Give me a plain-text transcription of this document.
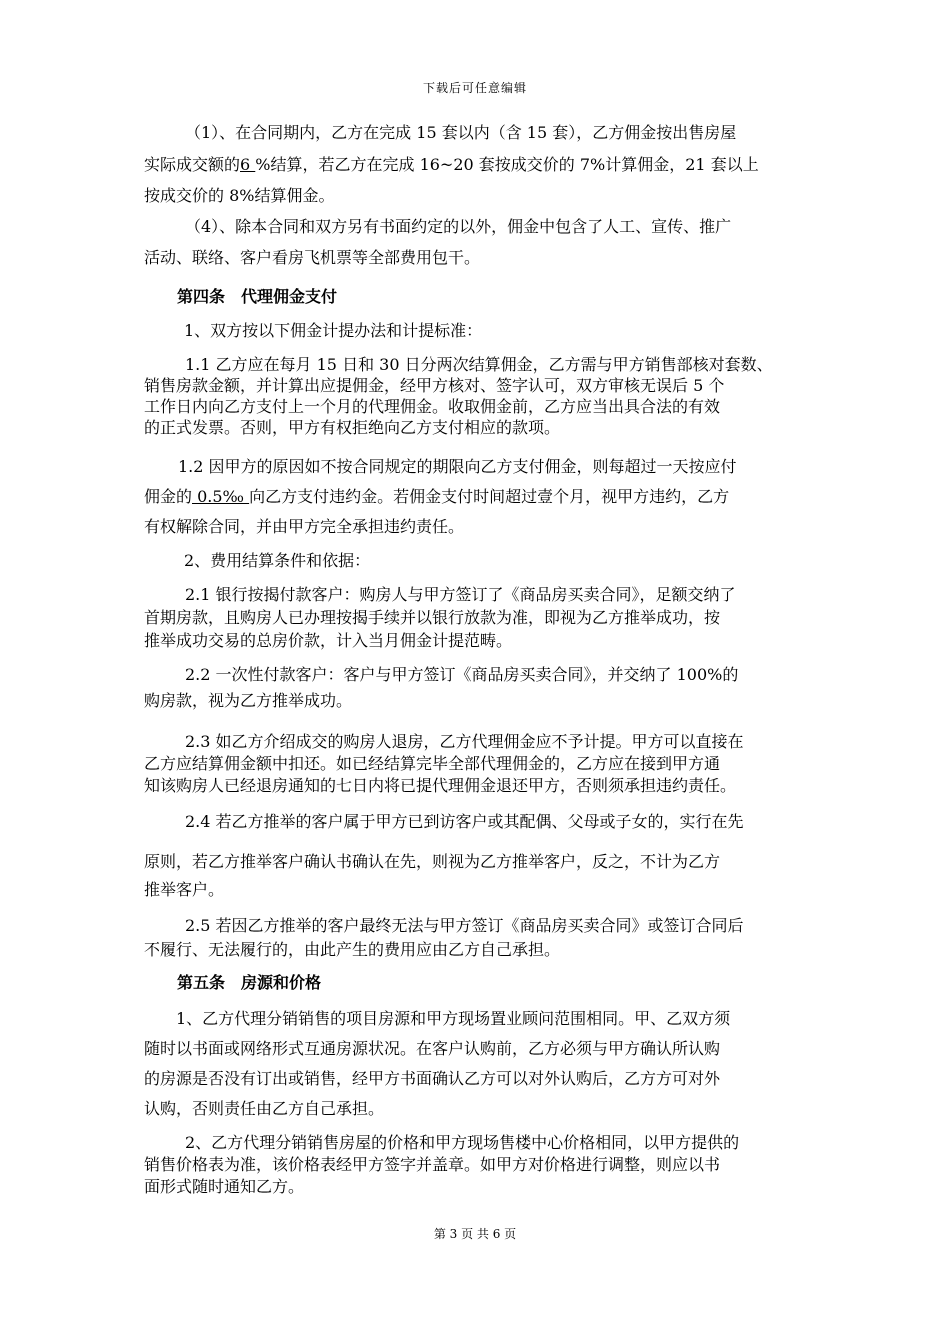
下载后可任意编辑
（1）、在合同期内，乙方在完成 15 套以内（含 15 套），乙方佣金按出售房屋
实际成交额的6 %结算，若乙方在完成 16~20 套按成交价的 7%计算佣金，21 套以上
按成交价的 8%结算佣金。
（4）、除本合同和双方另有书面约定的以外，佣金中包含了人工、宣传、推广
活动、联络、客户看房飞机票等全部费用包干。
第四条　代理佣金支付
1、双方按以下佣金计提办法和计提标准：
1.1 乙方应在每月 15 日和 30 日分两次结算佣金，乙方需与甲方销售部核对套数、
销售房款金额，并计算出应提佣金，经甲方核对、签字认可，双方审核无误后 5 个
工作日内向乙方支付上一个月的代理佣金。收取佣金前，乙方应当出具合法的有效
的正式发票。否则，甲方有权拒绝向乙方支付相应的款项。
1.2 因甲方的原因如不按合同规定的期限向乙方支付佣金，则每超过一天按应付
佣金的 0.5‰ 向乙方支付违约金。若佣金支付时间超过壹个月，视甲方违约，乙方
有权解除合同，并由甲方完全承担违约责任。
2、费用结算条件和依据：
2.1 银行按揭付款客户：购房人与甲方签订了《商品房买卖合同》，足额交纳了
首期房款，且购房人已办理按揭手续并以银行放款为准，即视为乙方推举成功，按
推举成功交易的总房价款，计入当月佣金计提范畴。
2.2 一次性付款客户：客户与甲方签订《商品房买卖合同》，并交纳了 100%的
购房款，视为乙方推举成功。
2.3 如乙方介绍成交的购房人退房，乙方代理佣金应不予计提。甲方可以直接在
乙方应结算佣金额中扣还。如已经结算完毕全部代理佣金的，乙方应在接到甲方通
知该购房人已经退房通知的七日内将已提代理佣金退还甲方，否则须承担违约责任。
2.4 若乙方推举的客户属于甲方已到访客户或其配偶、父母或子女的，实行在先
原则，若乙方推举客户确认书确认在先，则视为乙方推举客户，反之，不计为乙方
推举客户。
2.5 若因乙方推举的客户最终无法与甲方签订《商品房买卖合同》或签订合同后
不履行、无法履行的，由此产生的费用应由乙方自己承担。
第五条　房源和价格
1、乙方代理分销销售的项目房源和甲方现场置业顾问范围相同。甲、乙双方须
随时以书面或网络形式互通房源状况。在客户认购前，乙方必须与甲方确认所认购
的房源是否没有订出或销售，经甲方书面确认乙方可以对外认购后，乙方方可对外
认购，否则责任由乙方自己承担。
2、乙方代理分销销售房屋的价格和甲方现场售楼中心价格相同，以甲方提供的
销售价格表为准，该价格表经甲方签字并盖章。如甲方对价格进行调整，则应以书
面形式随时通知乙方。
第 3 页 共 6 页
